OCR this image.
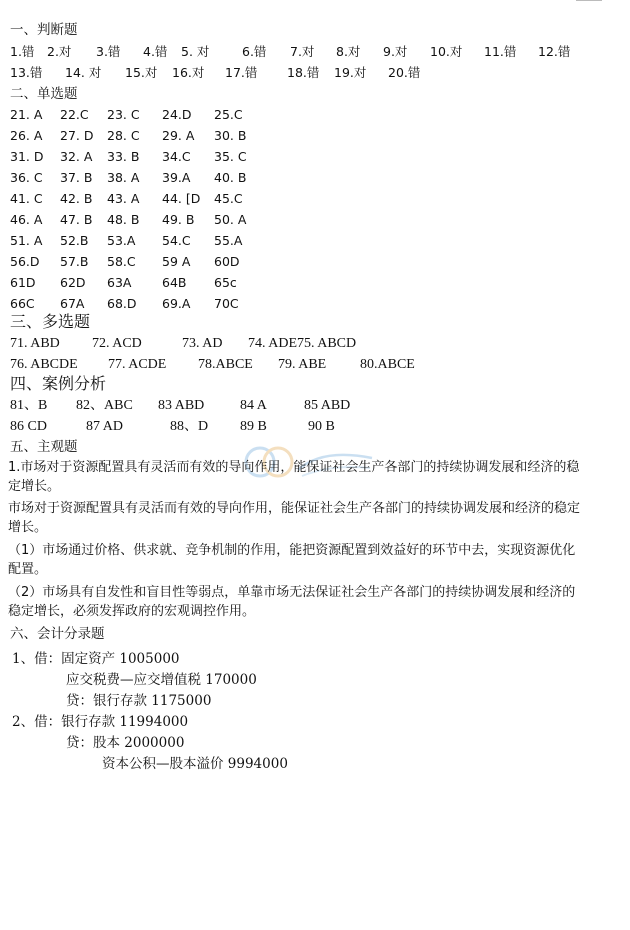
一、判断题
1.错 2.对 3.错 4.错 5. 对	6.错 7.对 8.对 9.对 10.对 11.错 12.错
13.错 14. 对 15.对 16.对 17.错 18.错 19.对 20.错
二、单选题
21. A 22.C 23. C 24.D 25.C
26. A 27. D 28. C 29. A 30. B
31. D 32. A 33. B 34.C 35. C
36. C 37. B 38. A 39.A 40. B
41. C 42. B 43. A 44. [D 45.C
46. A 47. B 48. B 49. B 50. A
51. A 52.B 53.A 54.C 55.A
56.D 57.B 58.C 59 A 60D
61D 62D 63A 64B 65c
66C 67A 68.D 69.A 70C
三、多选题
71. ABD 72. ACD	73. AD 74. ADE75. ABCD
76. ABCDE 77. ACDE 78.ABCE 79. ABE 80.ABCE
四、案例分析
81、B 82、ABC 83 ABD	84 A	85 ABD
86 CD	87 AD	88、D 89 B	90 B
五、主观题
1.市场对于资源配置具有灵活而有效的导向作用，能保证社会生产各部门的持续协调发展和经济的稳定增长。
市场对于资源配置具有灵活而有效的导向作用，能保证社会生产各部门的持续协调发展和经济的稳定增长。
（1）市场通过价格、供求就、竞争机制的作用，能把资源配置到效益好的环节中去，实现资源优化配置。
（2）市场具有自发性和盲目性等弱点，单靠市场无法保证社会生产各部门的持续协调发展和经济的稳定增长，必须发挥政府的宏观调控作用。
六、会计分录题
1、借：固定资产 1005000
应交税费—应交增值税 170000
贷：银行存款 1175000
2、借：银行存款 11994000
贷：股本 2000000
资本公积—股本溢价 9994000
